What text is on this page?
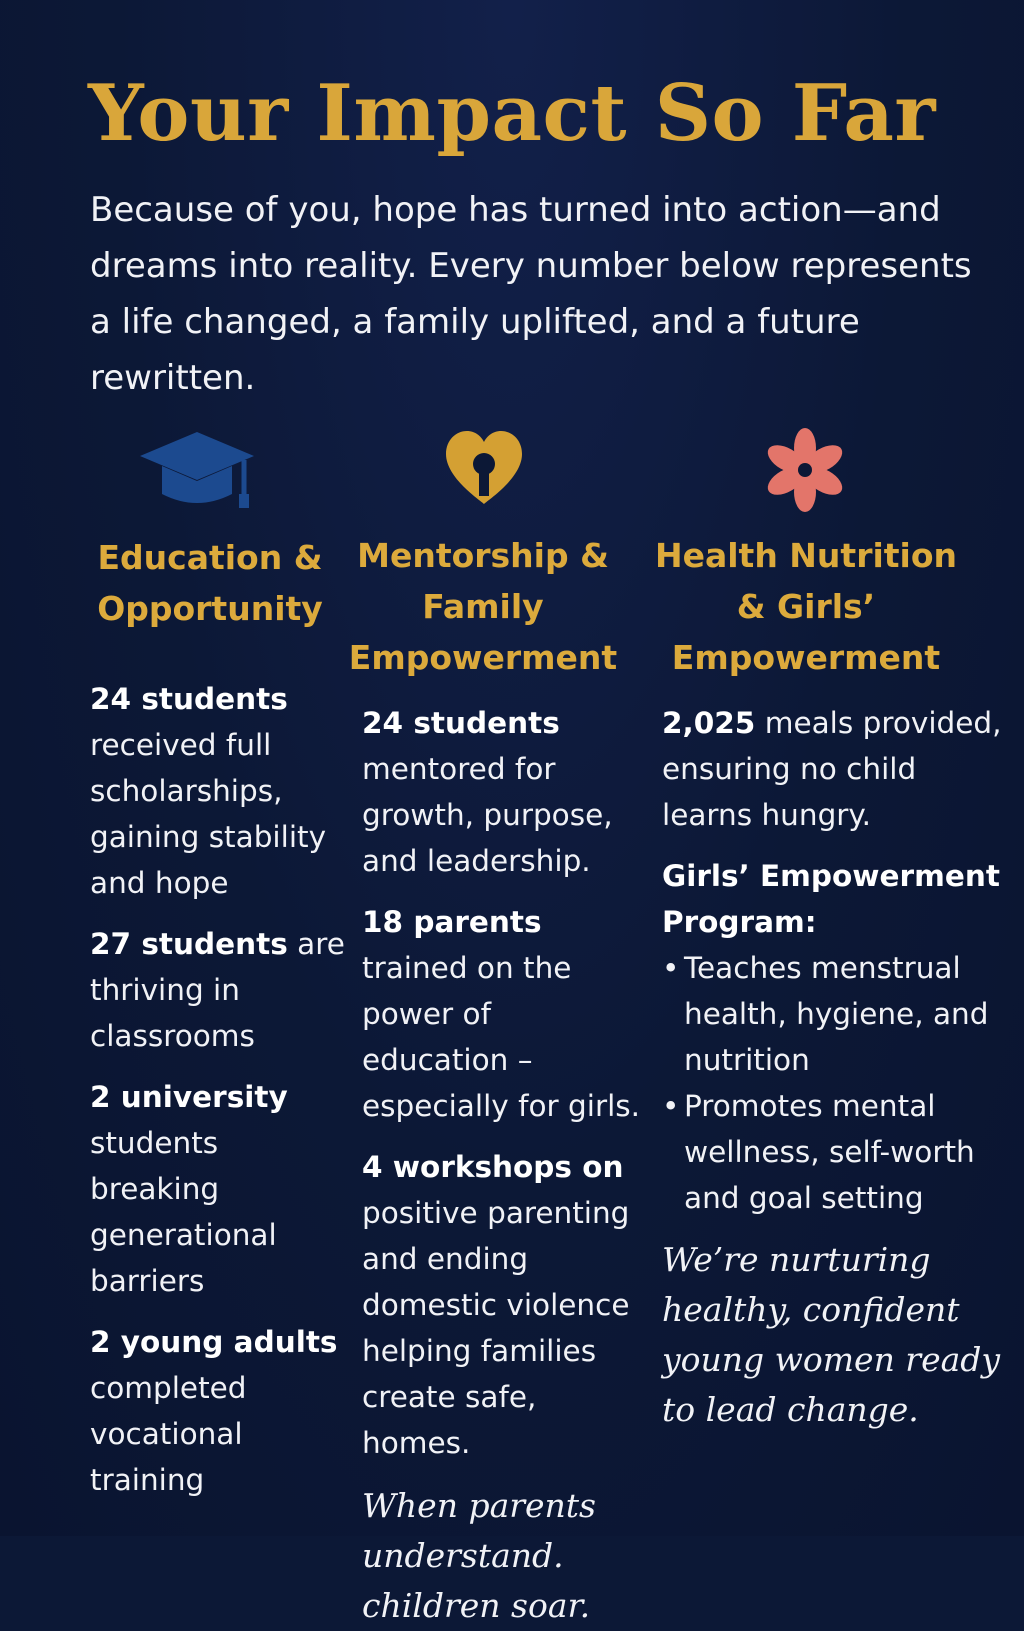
Your Impact So Far

Because of you, hope has turned into action—and dreams into reality. Every number below represents a life changed, a family uplifted, and a future rewritten.

Education & Opportunity
Mentorship & Family Empowerment
Health Nutrition & Girls’ Empowerment
24 students received full scholarships, gaining stability and hope
27 students are thriving in classrooms
2 university students breaking generational barriers
2 young adults completed vocational training
24 students mentored for growth, purpose, and leadership.
18 parents trained on the power of education – especially for girls.
4 workshops on positive parenting and ending domestic violence helping families create safe, homes.
When parents understand. children soar.
2,025 meals provided, ensuring no child learns hungry.
Girls’ Empowerment Program:
• Teaches menstrual health, hygiene, and nutrition
• Promotes mental wellness, self-worth and goal setting
We’re nurturing healthy, confident young women ready to lead change.
